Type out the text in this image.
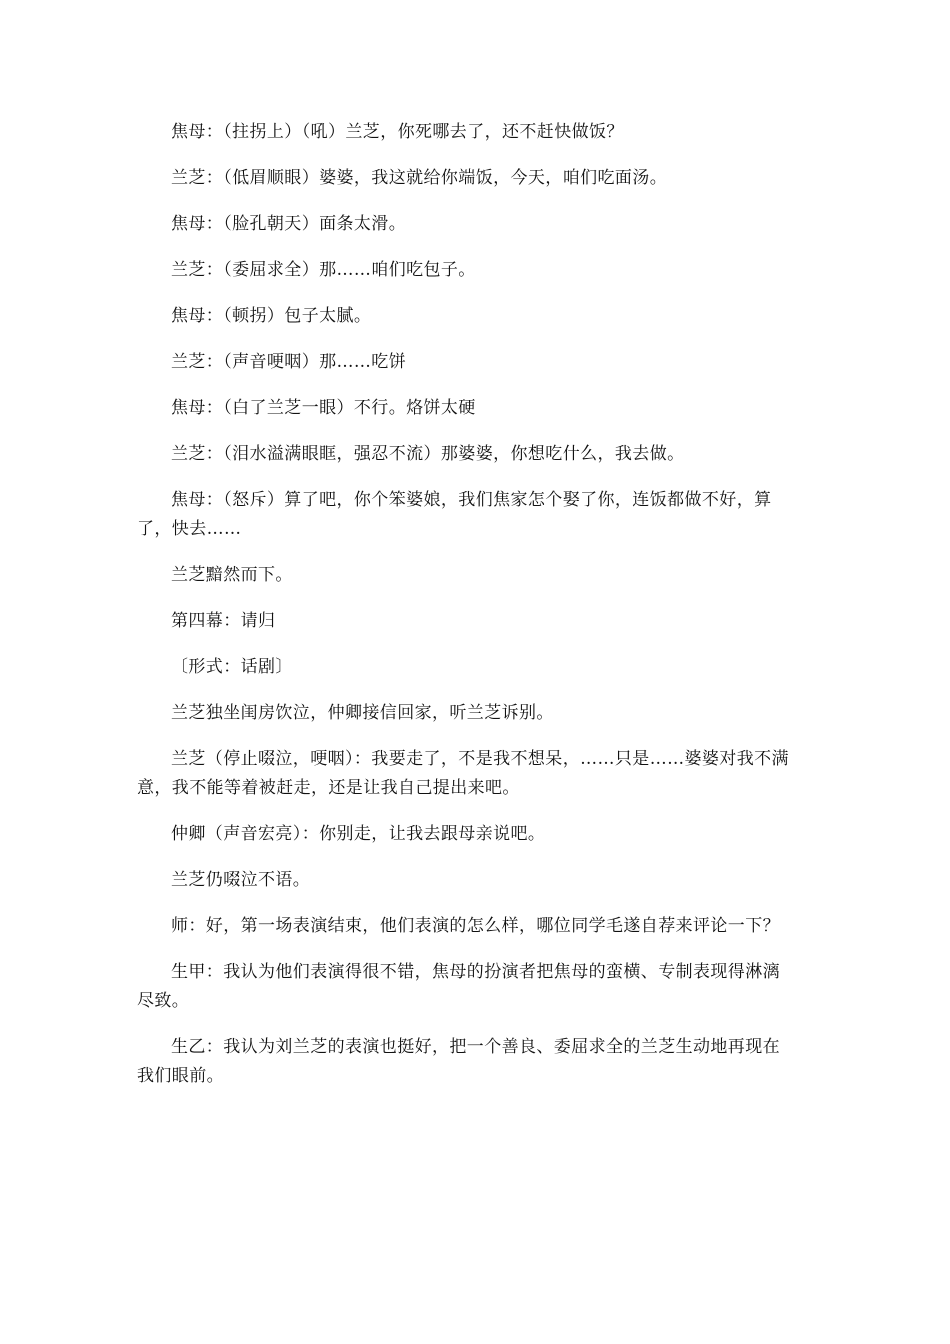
焦母：（拄拐上）（吼）兰芝，你死哪去了，还不赶快做饭？

兰芝：（低眉顺眼）婆婆，我这就给你端饭，今天，咱们吃面汤。

焦母：（脸孔朝天）面条太滑。

兰芝：（委屈求全）那……咱们吃包子。

焦母：（顿拐）包子太腻。

兰芝：（声音哽咽）那……吃饼

焦母：（白了兰芝一眼）不行。烙饼太硬

兰芝：（泪水溢满眼眶，强忍不流）那婆婆，你想吃什么，我去做。

焦母：（怒斥）算了吧，你个笨婆娘，我们焦家怎个娶了你，连饭都做不好，算了，快去……

兰芝黯然而下。

第四幕：请归

〔形式：话剧〕

兰芝独坐闺房饮泣，仲卿接信回家，听兰芝诉别。

兰芝（停止啜泣，哽咽）：我要走了，不是我不想呆，……只是……婆婆对我不满意，我不能等着被赶走，还是让我自己提出来吧。

仲卿（声音宏亮）：你别走，让我去跟母亲说吧。

兰芝仍啜泣不语。

师：好，第一场表演结束，他们表演的怎么样，哪位同学毛遂自荐来评论一下？

生甲：我认为他们表演得很不错，焦母的扮演者把焦母的蛮横、专制表现得淋漓尽致。

生乙：我认为刘兰芝的表演也挺好，把一个善良、委屈求全的兰芝生动地再现在我们眼前。
